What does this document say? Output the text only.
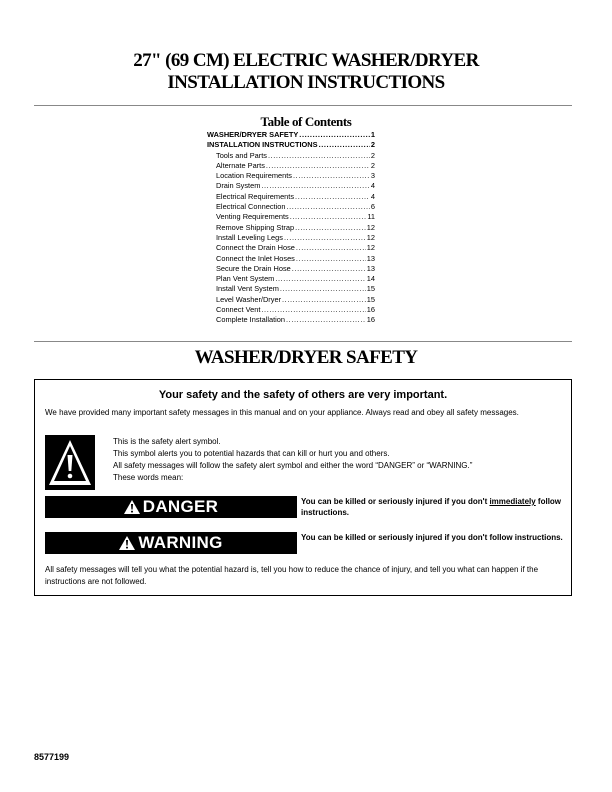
27" (69 CM) ELECTRIC WASHER/DRYER
INSTALLATION INSTRUCTIONS
Table of Contents
WASHER/DRYER SAFETY .....	1
INSTALLATION INSTRUCTIONS .....	2
Tools and Parts .....	2
Alternate Parts .....	2
Location Requirements .....	3
Drain System .....	4
Electrical Requirements .....	4
Electrical Connection .....	6
Venting Requirements .....	11
Remove Shipping Strap .....	12
Install Leveling Legs .....	12
Connect the Drain Hose .....	12
Connect the Inlet Hoses .....	13
Secure the Drain Hose .....	13
Plan Vent System .....	14
Install Vent System .....	15
Level Washer/Dryer .....	15
Connect Vent .....	16
Complete Installation .....	16
WASHER/DRYER SAFETY
Your safety and the safety of others are very important.
We have provided many important safety messages in this manual and on your appliance. Always read and obey all safety messages.
This is the safety alert symbol.
This symbol alerts you to potential hazards that can kill or hurt you and others.
All safety messages will follow the safety alert symbol and either the word “DANGER” or “WARNING.”
These words mean:
DANGER	You can be killed or seriously injured if you don't immediately follow instructions.
WARNING	You can be killed or seriously injured if you don't follow instructions.
All safety messages will tell you what the potential hazard is, tell you how to reduce the chance of injury, and tell you what can happen if the instructions are not followed.
8577199
